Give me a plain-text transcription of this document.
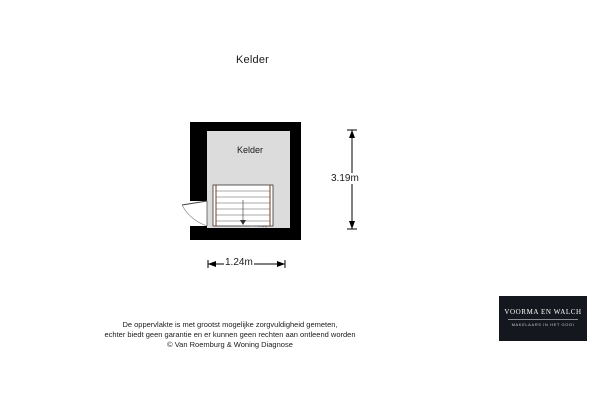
Kelder
Kelder
3.19m
1.24m
De oppervlakte is met grootst mogelijke zorgvuldigheid gemeten,
echter biedt geen garantie en er kunnen geen rechten aan ontleend worden
© Van Roemburg & Woning Diagnose
VOORMA EN WALCH
MAKELAARS IN HET GOOI
